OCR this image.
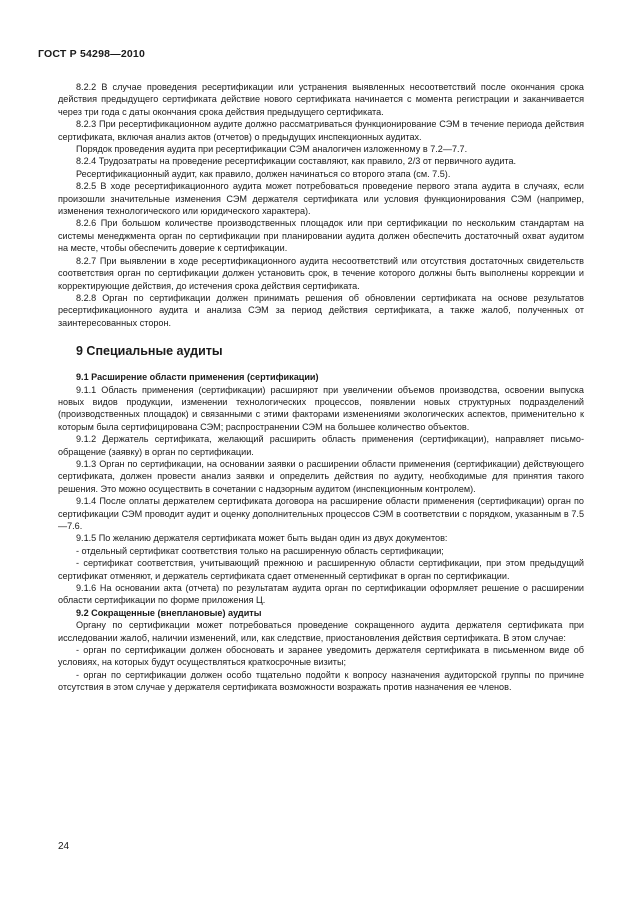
ГОСТ Р 54298—2010

8.2.2 В случае проведения ресертификации или устранения выявленных несоответствий после окончания срока действия предыдущего сертификата действие нового сертификата начинается с момента регистрации и заканчивается через три года с даты окончания срока действия предыдущего сертификата.

8.2.3 При ресертификационном аудите должно рассматриваться функционирование СЭМ в течение периода действия сертификата, включая анализ актов (отчетов) о предыдущих инспекционных аудитах.

Порядок проведения аудита при ресертификации СЭМ аналогичен изложенному в 7.2—7.7.

8.2.4 Трудозатраты на проведение ресертификации составляют, как правило, 2/3 от первичного аудита.

Ресертификационный аудит, как правило, должен начинаться со второго этапа (см. 7.5).

8.2.5 В ходе ресертификационного аудита может потребоваться проведение первого этапа аудита в случаях, если произошли значительные изменения СЭМ держателя сертификата или условия функционирования СЭМ (например, изменения технологического или юридического характера).

8.2.6 При большом количестве производственных площадок или при сертификации по нескольким стандартам на системы менеджмента орган по сертификации при планировании аудита должен обеспечить достаточный охват аудитом на месте, чтобы обеспечить доверие к сертификации.

8.2.7 При выявлении в ходе ресертификационного аудита несоответствий или отсутствия достаточных свидетельств соответствия орган по сертификации должен установить срок, в течение которого должны быть выполнены коррекции и корректирующие действия, до истечения срока действия сертификата.

8.2.8 Орган по сертификации должен принимать решения об обновлении сертификата на основе результатов ресертификационного аудита и анализа СЭМ за период действия сертификата, а также жалоб, полученных от заинтересованных сторон.

9 Специальные аудиты

9.1 Расширение области применения (сертификации)

9.1.1 Область применения (сертификации) расширяют при увеличении объемов производства, освоении выпуска новых видов продукции, изменении технологических процессов, появлении новых структурных подразделений (производственных площадок) и связанными с этими факторами изменениями экологических аспектов, применительно к которым была сертифицирована СЭМ; распространении СЭМ на большее количество объектов.

9.1.2 Держатель сертификата, желающий расширить область применения (сертификации), направляет письмо-обращение (заявку) в орган по сертификации.

9.1.3 Орган по сертификации, на основании заявки о расширении области применения (сертификации) действующего сертификата, должен провести анализ заявки и определить действия по аудиту, необходимые для принятия такого решения. Это можно осуществить в сочетании с надзорным аудитом (инспекционным контролем).

9.1.4 После оплаты держателем сертификата договора на расширение области применения (сертификации) орган по сертификации СЭМ проводит аудит и оценку дополнительных процессов СЭМ в соответствии с порядком, указанным в 7.5—7.6.

9.1.5 По желанию держателя сертификата может быть выдан один из двух документов:

- отдельный сертификат соответствия только на расширенную область сертификации;

- сертификат соответствия, учитывающий прежнюю и расширенную области сертификации, при этом предыдущий сертификат отменяют, и держатель сертификата сдает отмененный сертификат в орган по сертификации.

9.1.6 На основании акта (отчета) по результатам аудита орган по сертификации оформляет решение о расширении области сертификации по форме приложения Ц.

9.2 Сокращенные (внеплановые) аудиты

Органу по сертификации может потребоваться проведение сокращенного аудита держателя сертификата при исследовании жалоб, наличии изменений, или, как следствие, приостановления действия сертификата. В этом случае:

- орган по сертификации должен обосновать и заранее уведомить держателя сертификата в письменном виде об условиях, на которых будут осуществляться краткосрочные визиты;

- орган по сертификации должен особо тщательно подойти к вопросу назначения аудиторской группы по причине отсутствия в этом случае у держателя сертификата возможности возражать против назначения ее членов.

24
